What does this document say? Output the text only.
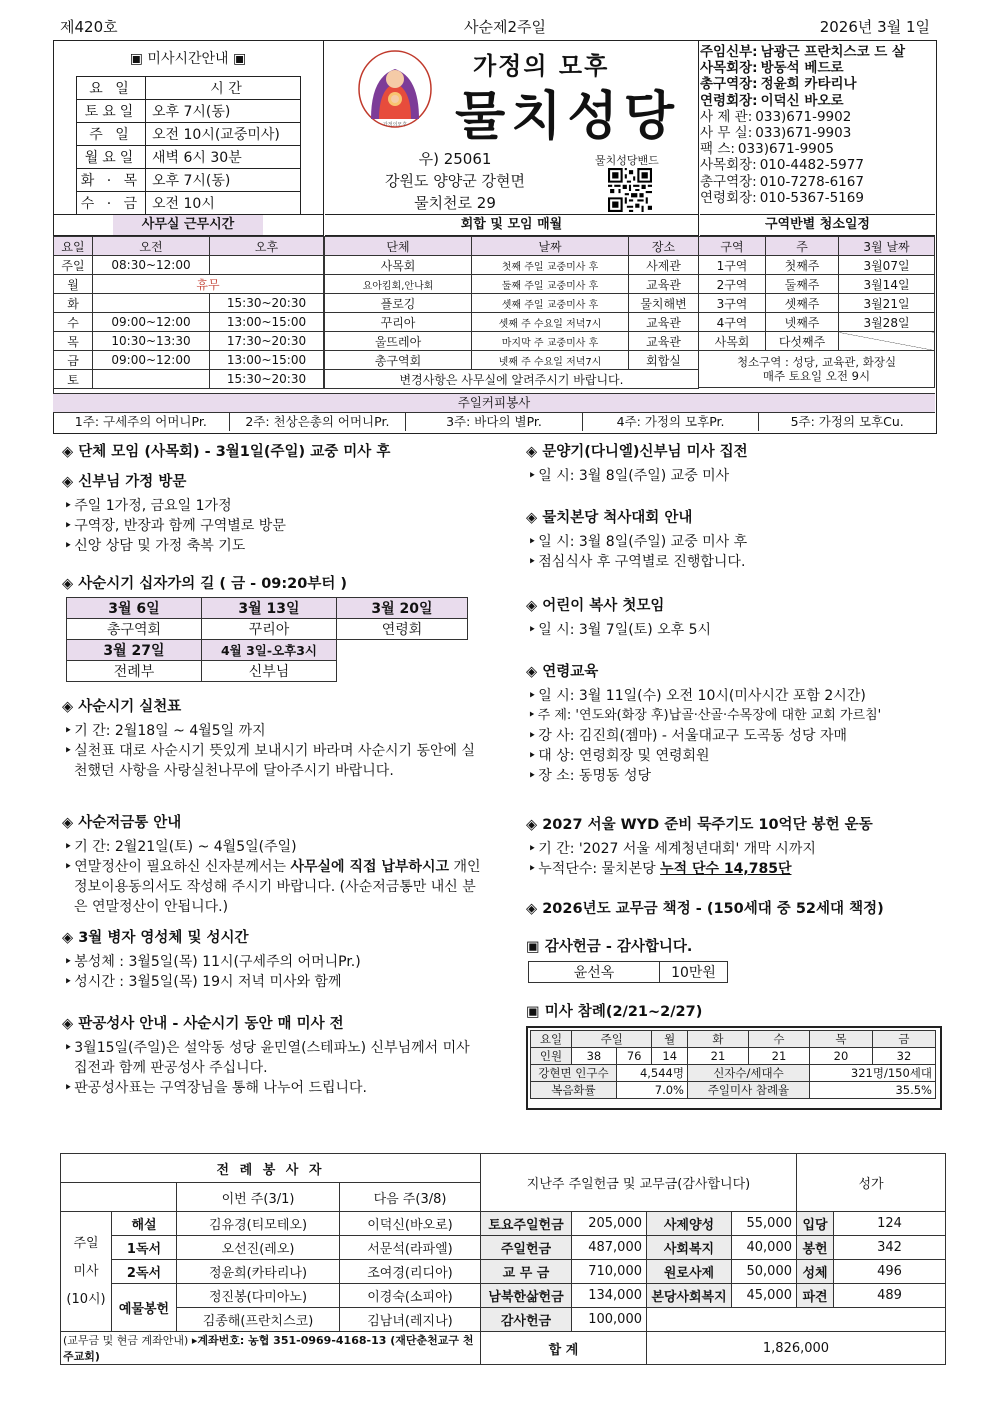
제420호	사순제2주일	2026년 3월 1일
▣ 미사시간안내 ▣
요 일	시 간
토요일	오후 7시(동)
주 일	오전 10시(교중미사)
월요일	새벽 6시 30분
화 · 목	오후 7시(동)
수 · 금	오전 10시
가정의모후
가정의 모후
물치성당
우) 25061
강원도 양양군 강현면
물치천로 29
물치성당밴드
주임신부: 남광근 프란치스코 드 살
사목회장: 방동석 베드로
총구역장: 정윤희 카타리나
연령회장: 이덕신 바오로
사 제 관: 033)671-9902
사 무 실: 033)671-9903
팩 스: 033)671-9905
사목회장: 010-4482-5977
총구역장: 010-7278-6167
연령회장: 010-5367-5169
사무실 근무시간	회합 및 모임 매월	구역반별 청소일정
요일	오전	오후
주일	08:30~12:00	
월	휴무	
화		15:30~20:30
수	09:00~12:00	13:00~15:00
목	10:30~13:30	17:30~20:30
금	09:00~12:00	13:00~15:00
토		15:30~20:30
단체	날짜	장소
사목회	첫째 주일 교중미사 후	사제관
요아킴회,안나회	둘째 주일 교중미사 후	교육관
플로깅	셋째 주일 교중미사 후	물치해변
꾸리아	셋째 주 수요일 저녁7시	교육관
울뜨레아	마지막 주 교중미사 후	교육관
총구역회	넷째 주 수요일 저녁7시	회합실
변경사항은 사무실에 알려주시기 바랍니다.		
구역	주	3월 날짜
1구역	첫째주	3월07일
2구역	둘째주	3월14일
3구역	셋째주	3월21일
4구역	넷째주	3월28일
사목회	다섯째주	

청소구역 : 성당, 교육관, 화장실
매주 토요일 오전 9시		
주일커피봉사
1주: 구세주의 어머니Pr.	2주: 천상은총의 어머니Pr.	3주: 바다의 별Pr.	4주: 가정의 모후Pr.	5주: 가정의 모후Cu.
◈ 단체 모임 (사목회) - 3월1일(주일) 교중 미사 후
◈ 신부님 가정 방문
‣ 주일 1가정, 금요일 1가정
‣ 구역장, 반장과 함께 구역별로 방문
‣ 신앙 상담 및 가정 축복 기도
◈ 사순시기 십자가의 길 ( 금 - 09:20부터 )
3월 6일	3월 13일	3월 20일
총구역회	꾸리아	연령회
3월 27일	4월 3일-오후3시	
전례부	신부님	
◈ 사순시기 실천표
‣ 기 간: 2월18일 ~ 4월5일 까지
‣ 실천표 대로 사순시기 뜻있게 보내시기 바라며 사순시기 동안에 실천했던 사항을 사랑실천나무에 달아주시기 바랍니다.
◈ 사순저금통 안내
‣ 기 간: 2월21일(토) ~ 4월5일(주일)
‣ 연말정산이 필요하신 신자분께서는 사무실에 직접 납부하시고 개인정보이용동의서도 작성해 주시기 바랍니다. (사순저금통만 내신 분은 연말정산이 안됩니다.)
◈ 3월 병자 영성체 및 성시간
‣ 봉성체 : 3월5일(목) 11시(구세주의 어머니Pr.)
‣ 성시간 : 3월5일(목) 19시 저녁 미사와 함께
◈ 판공성사 안내 - 사순시기 동안 매 미사 전
‣ 3월15일(주일)은 설악동 성당 윤민열(스테파노) 신부님께서 미사 집전과 함께 판공성사 주십니다.
‣ 판공성사표는 구역장님을 통해 나누어 드립니다.
◈ 문양기(다니엘)신부님 미사 집전
‣ 일 시: 3월 8일(주일) 교중 미사
◈ 물치본당 척사대회 안내
‣ 일 시: 3월 8일(주일) 교중 미사 후
‣ 점심식사 후 구역별로 진행합니다.
◈ 어린이 복사 첫모임
‣ 일 시: 3월 7일(토) 오후 5시
◈ 연령교육
‣ 일 시: 3월 11일(수) 오전 10시(미사시간 포함 2시간)
‣ 주 제: '연도와(화장 후)납골·산골·수목장에 대한 교회 가르침'
‣ 강 사: 김진희(젬마) - 서울대교구 도곡동 성당 자매
‣ 대 상: 연령회장 및 연령회원
‣ 장 소: 동명동 성당
◈ 2027 서울 WYD 준비 묵주기도 10억단 봉헌 운동
‣ 기 간: '2027 서울 세계청년대회' 개막 시까지
‣ 누적단수: 물치본당 누적 단수 14,785단
◈ 2026년도 교무금 책정 - (150세대 중 52세대 책정)
▣ 감사헌금 - 감사합니다.
윤선옥	10만원
▣ 미사 참례(2/21~2/27)
요일	주일		월	화	수	목	금
인원	38	76	14	21	21	20	32
강현면 인구수		4,544명		신자수/세대수		321명/150세대	
복음화률		7.0%		주일미사 참례율		35.5%	
전 례 봉 사 자				지난주 주일헌금 및 교무금(감사합니다)				성가	
		이번 주(3/1)	다음 주(3/8)						

주일
미사
(10시)	해설	김유경(티모테오)	이덕신(바오로)	토요주일헌금	205,000	사제양성	55,000	입당	124
	1독서	오선진(레오)	서문석(라파엘)	주일헌금	487,000	사회복지	40,000	봉헌	342
	2독서	정윤희(카타리나)	조여경(리디아)	교 무 금	710,000	원로사제	50,000	성체	496
	예물봉헌	정진봉(다미아노)	이경숙(소피아)	남북한삶헌금	134,000	본당사회복지	45,000	파견	489
		김종해(프란치스코)	김남녀(레지나)	감사헌금	100,000				
(교무금 및 현금 계좌안내) ▸계좌번호: 농협 351-0969-4168-13 (재단춘천교구 천주교회)				합 계		1,826,000			
